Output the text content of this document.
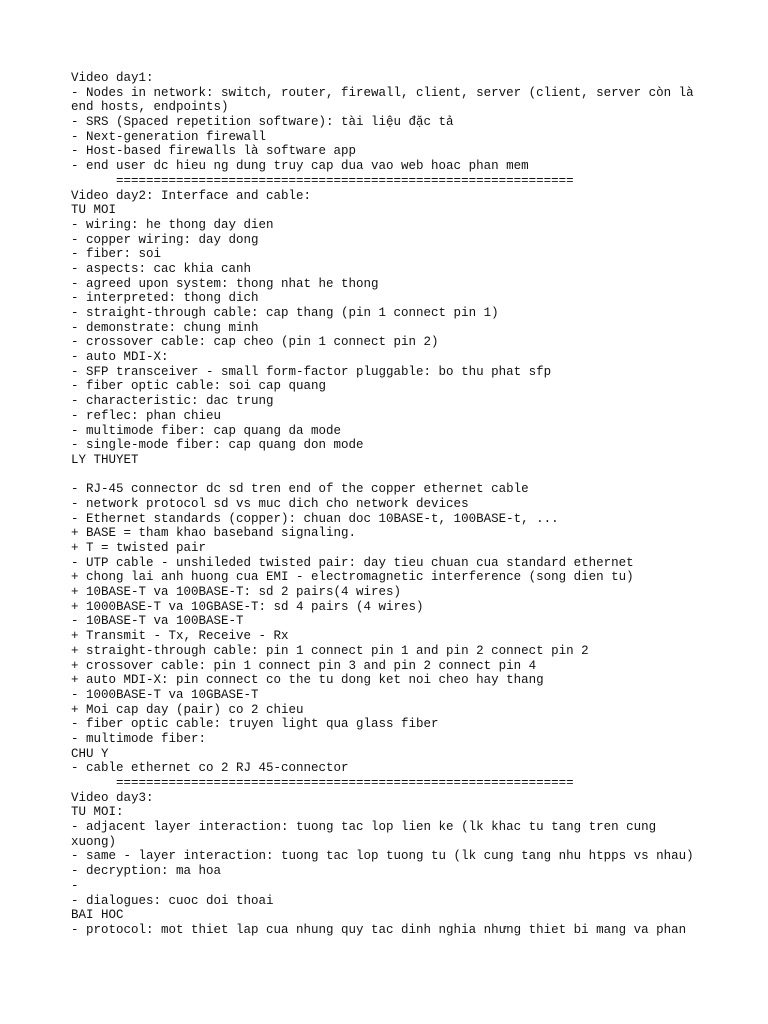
Video day1:
- Nodes in network: switch, router, firewall, client, server (client, server còn là
end hosts, endpoints)
- SRS (Spaced repetition software): tài liệu đặc tả
- Next-generation firewall
- Host-based firewalls là software app
- end user dc hieu ng dung truy cap dua vao web hoac phan mem
=============================================================
Video day2: Interface and cable:
TU MOI
- wiring: he thong day dien
- copper wiring: day dong
- fiber: soi
- aspects: cac khia canh
- agreed upon system: thong nhat he thong
- interpreted: thong dich
- straight-through cable: cap thang (pin 1 connect pin 1)
- demonstrate: chung minh
- crossover cable: cap cheo (pin 1 connect pin 2)
- auto MDI-X:
- SFP transceiver - small form-factor pluggable: bo thu phat sfp
- fiber optic cable: soi cap quang
- characteristic: dac trung
- reflec: phan chieu
- multimode fiber: cap quang da mode
- single-mode fiber: cap quang don mode
LY THUYET
- RJ-45 connector dc sd tren end of the copper ethernet cable
- network protocol sd vs muc dich cho network devices
- Ethernet standards (copper): chuan doc 10BASE-t, 100BASE-t, ...
+ BASE = tham khao baseband signaling.
+ T = twisted pair
- UTP cable - unshileded twisted pair: day tieu chuan cua standard ethernet
+ chong lai anh huong cua EMI - electromagnetic interference (song dien tu)
+ 10BASE-T va 100BASE-T: sd 2 pairs(4 wires)
+ 1000BASE-T va 10GBASE-T: sd 4 pairs (4 wires)
- 10BASE-T va 100BASE-T
+ Transmit - Tx, Receive - Rx
+ straight-through cable: pin 1 connect pin 1 and pin 2 connect pin 2
+ crossover cable: pin 1 connect pin 3 and pin 2 connect pin 4
+ auto MDI-X: pin connect co the tu dong ket noi cheo hay thang
- 1000BASE-T va 10GBASE-T
+ Moi cap day (pair) co 2 chieu
- fiber optic cable: truyen light qua glass fiber
- multimode fiber:
CHU Y
- cable ethernet co 2 RJ 45-connector
=============================================================
Video day3:
TU MOI:
- adjacent layer interaction: tuong tac lop lien ke (lk khac tu tang tren cung
xuong)
- same - layer interaction: tuong tac lop tuong tu (lk cung tang nhu htpps vs nhau)
- decryption: ma hoa
-
- dialogues: cuoc doi thoai
BAI HOC
- protocol: mot thiet lap cua nhung quy tac dinh nghia nhưng thiet bi mang va phan
